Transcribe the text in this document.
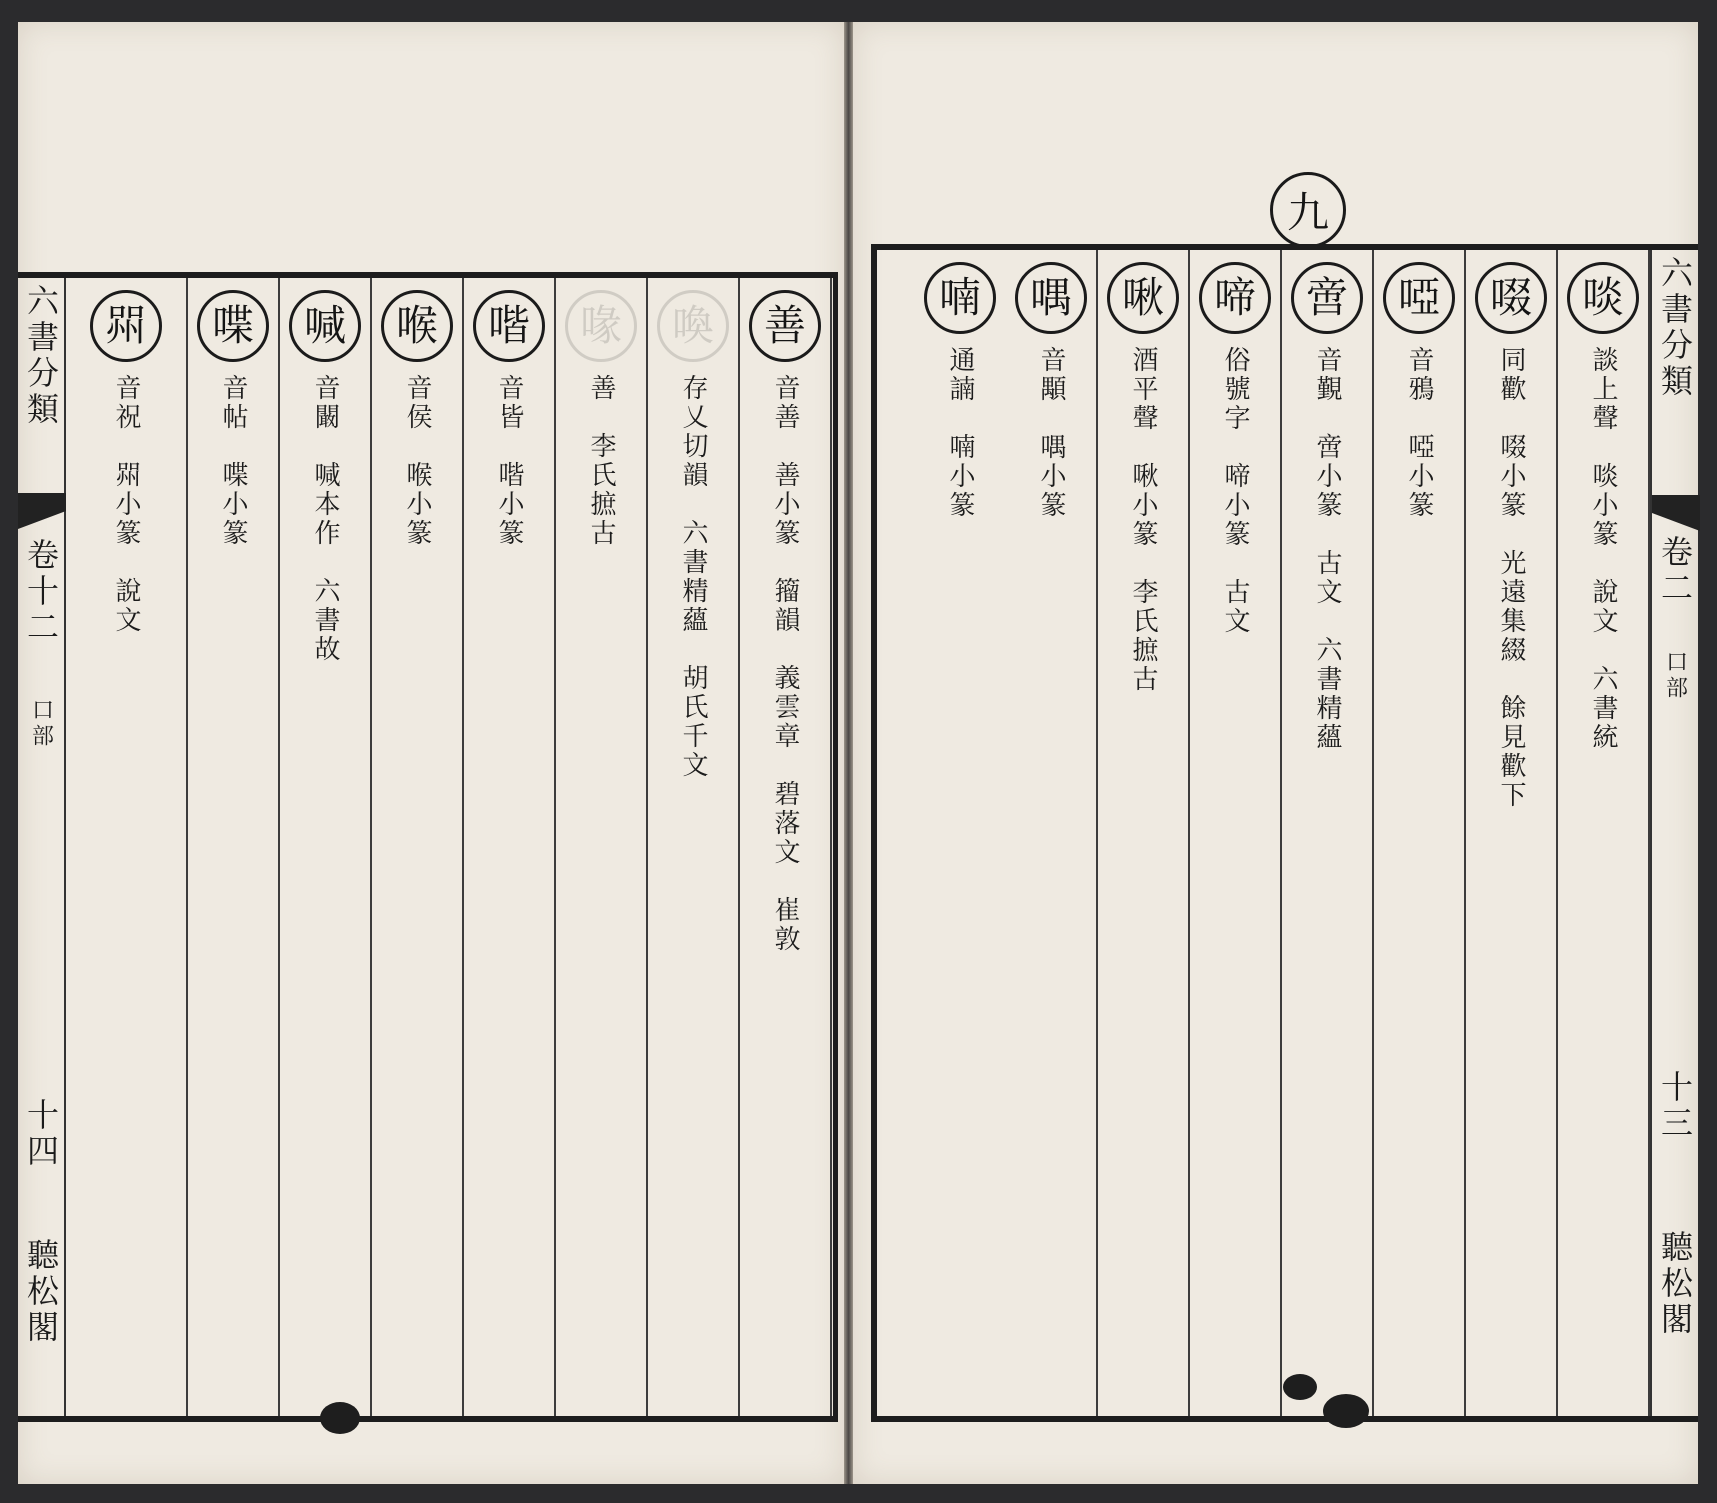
九
六書分類
卷二
口部
十三
聽松閣
啖
談上聲　啖小篆　說文　六書統
啜
同歡　啜小篆　光遠集綴　餘見歡下
啞
音鴉　啞小篆
啻
音覲　啻小篆　古文　六書精蘊
啼
俗號字　啼小篆　古文
啾
酒平聲　啾小篆　李氏摭古
喁
音顒　喁小篆
喃
通諵　喃小篆
六書分類
卷十二
口部
十四
聽松閣
善
音善　善小篆　籀韻　義雲章　碧落文　崔敦
喚
存乂切韻　六書精蘊　胡氏千文
喙
善　李氏摭古
喈
音皆　喈小篆
喉
音侯　喉小篆
喊
音闞　喊本作　六書故
喋
音帖　喋小篆
喌
音祝　喌小篆　說文
